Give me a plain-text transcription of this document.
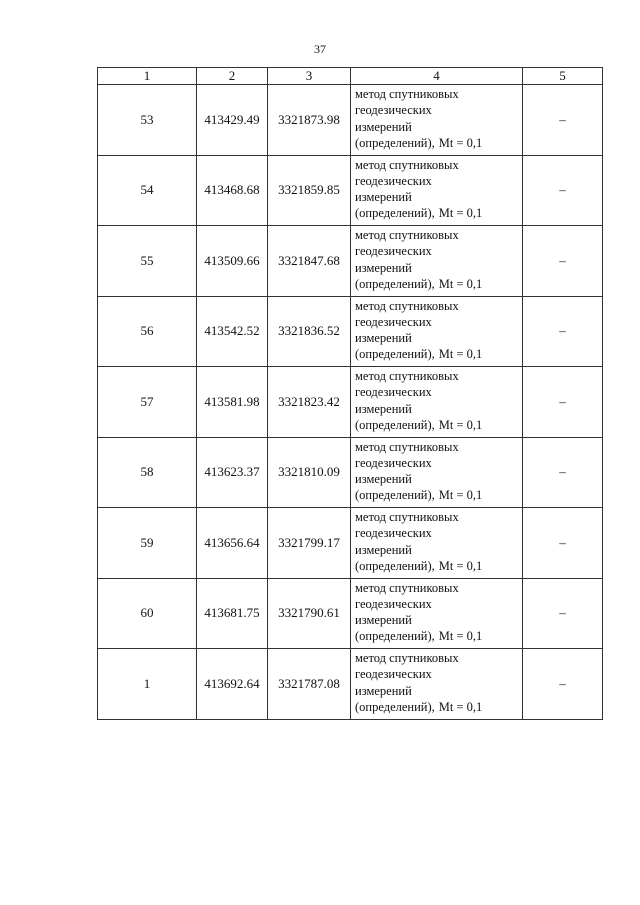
37
1	2	3	4	5
53	413429.49	3321873.98	метод спутниковых
геодезических
измерений
(определений), Mt = 0,1	–
54	413468.68	3321859.85	метод спутниковых
геодезических
измерений
(определений), Mt = 0,1	–
55	413509.66	3321847.68	метод спутниковых
геодезических
измерений
(определений), Mt = 0,1	–
56	413542.52	3321836.52	метод спутниковых
геодезических
измерений
(определений), Mt = 0,1	–
57	413581.98	3321823.42	метод спутниковых
геодезических
измерений
(определений), Mt = 0,1	–
58	413623.37	3321810.09	метод спутниковых
геодезических
измерений
(определений), Mt = 0,1	–
59	413656.64	3321799.17	метод спутниковых
геодезических
измерений
(определений), Mt = 0,1	–
60	413681.75	3321790.61	метод спутниковых
геодезических
измерений
(определений), Mt = 0,1	–
1	413692.64	3321787.08	метод спутниковых
геодезических
измерений
(определений), Mt = 0,1	–
